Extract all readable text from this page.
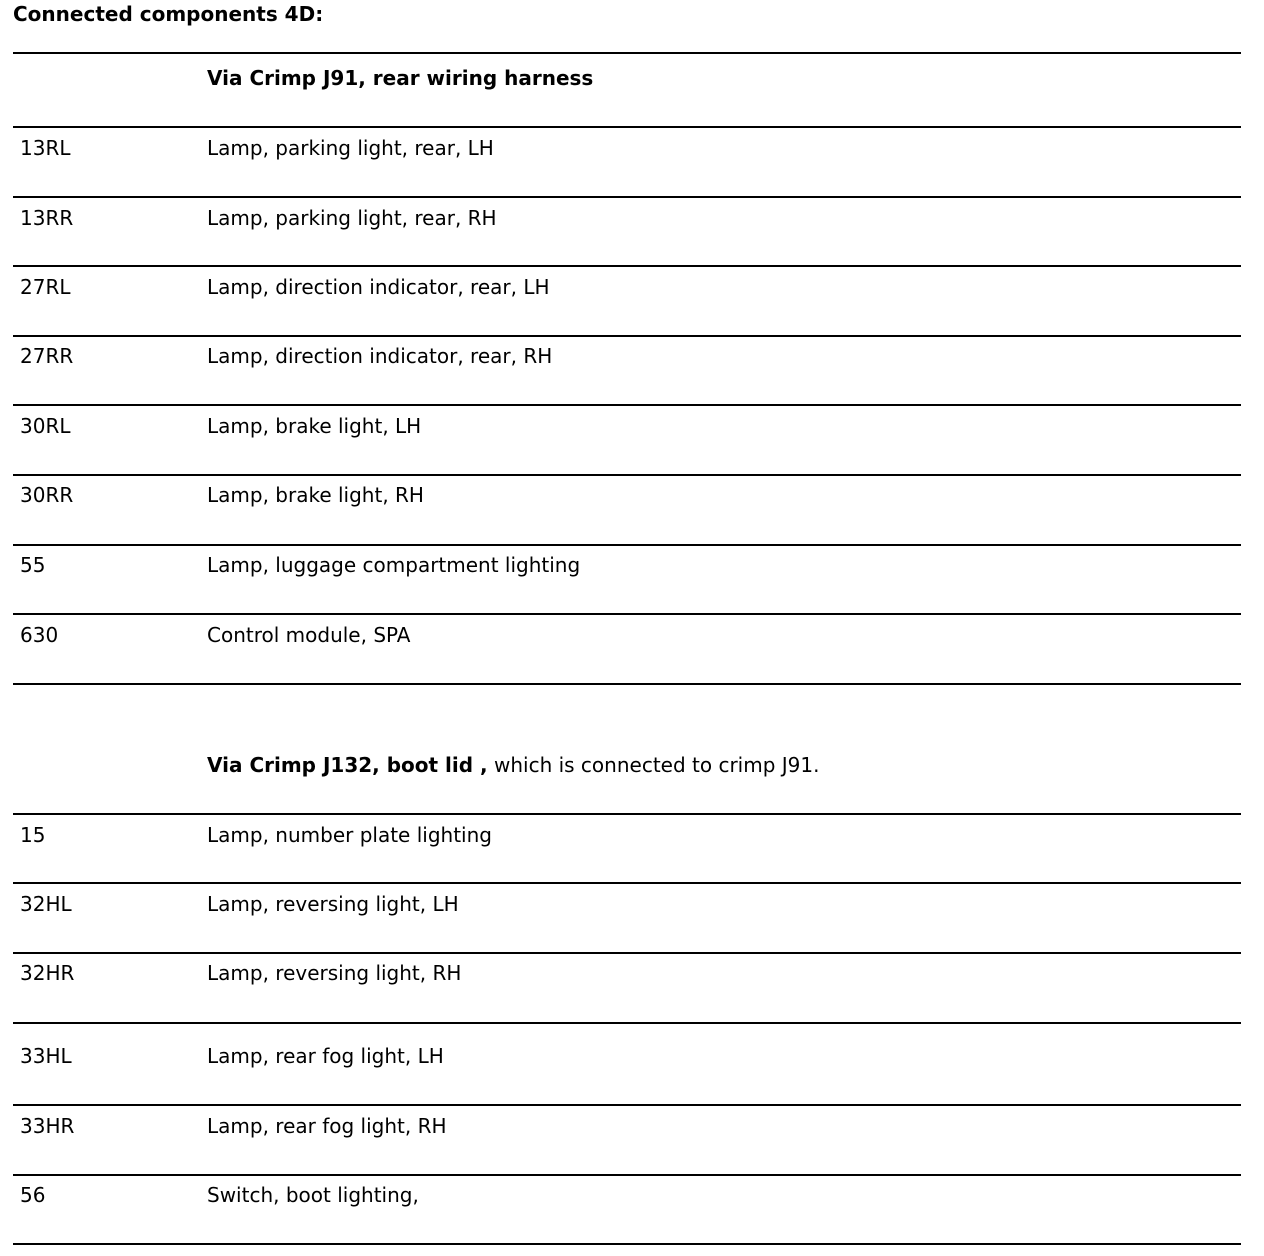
Connected components 4D:
Via Crimp J91, rear wiring harness
13RL	Lamp, parking light, rear, LH
13RR	Lamp, parking light, rear, RH
27RL	Lamp, direction indicator, rear, LH
27RR	Lamp, direction indicator, rear, RH
30RL	Lamp, brake light, LH
30RR	Lamp, brake light, RH
55	Lamp, luggage compartment lighting
630	Control module, SPA
Via Crimp J132, boot lid , which is connected to crimp J91.
15	Lamp, number plate lighting
32HL	Lamp, reversing light, LH
32HR	Lamp, reversing light, RH
33HL	Lamp, rear fog light, LH
33HR	Lamp, rear fog light, RH
56	Switch, boot lighting,
